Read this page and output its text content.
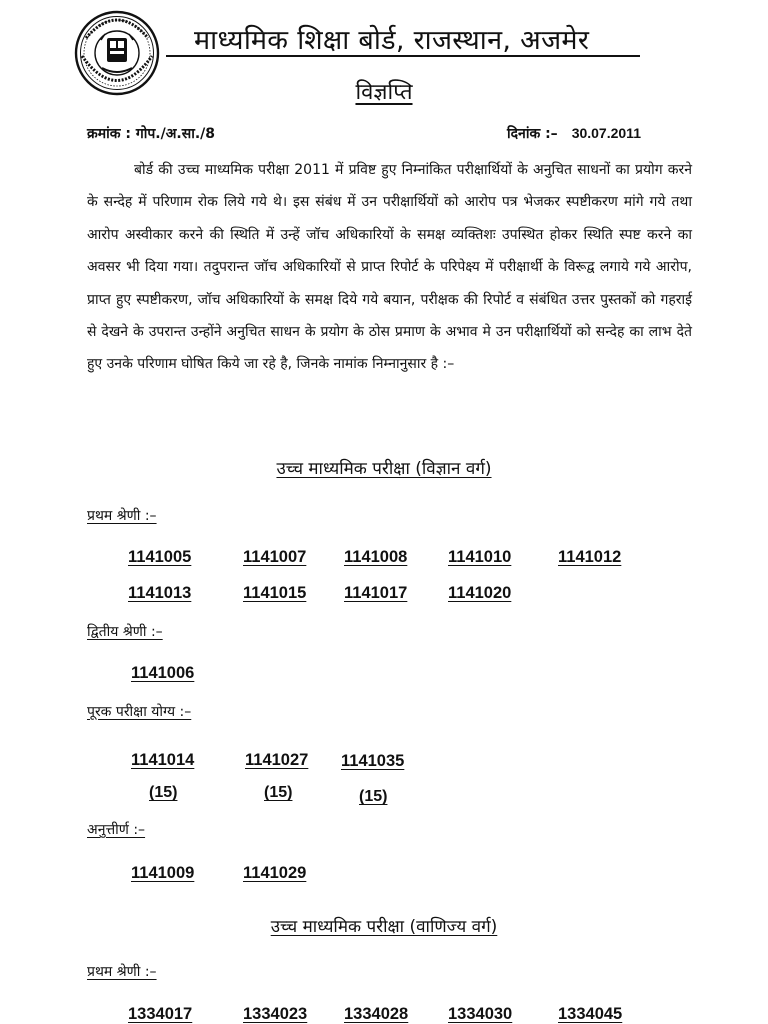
माध्यमिक शिक्षा बोर्ड, राजस्थान, अजमेर
विज्ञप्ति
क्रमांक : गोप./अ.सा./8	दिनांक :– 30.07.2011
बोर्ड की उच्च माध्यमिक परीक्षा 2011 में प्रविष्ट हुए निम्नांकित परीक्षार्थियों के अनुचित साधनों का प्रयोग करने के सन्देह में परिणाम रोक लिये गये थे। इस संबंध में उन परीक्षार्थियों को आरोप पत्र भेजकर स्पष्टीकरण मांगे गये तथा आरोप अस्वीकार करने की स्थिति में उन्हें जॉच अधिकारियों के समक्ष व्यक्तिशः उपस्थित होकर स्थिति स्पष्ट करने का अवसर भी दिया गया। तदुपरान्त जॉच अधिकारियों से प्राप्त रिपोर्ट के परिपेक्ष्य में परीक्षार्थी के विरूद्व लगाये गये आरोप, प्राप्त हुए स्पष्टीकरण, जॉच अधिकारियों के समक्ष दिये गये बयान, परीक्षक की रिपोर्ट व संबंधित उत्तर पुस्तकों को गहराई से देखने के उपरान्त उन्होंने अनुचित साधन के प्रयोग के ठोस प्रमाण के अभाव मे उन परीक्षार्थियों को सन्देह का लाभ देते हुए उनके परिणाम घोषित किये जा रहे है, जिनके नामांक निम्नानुसार है :–
उच्च माध्यमिक परीक्षा (विज्ञान वर्ग)
प्रथम श्रेणी :–
1141005	1141007 1141008 1141010	1141012
1141013	1141015 1141017 1141020
द्वितीय श्रेणी :–
1141006
पूरक परीक्षा योग्य :–
1141014	1141027 1141035
(15)	(15)	(15)
अनुत्तीर्ण :–
1141009	1141029
उच्च माध्यमिक परीक्षा (वाणिज्य वर्ग)
प्रथम श्रेणी :–
1334017	1334023 1334028 1334030	1334045
